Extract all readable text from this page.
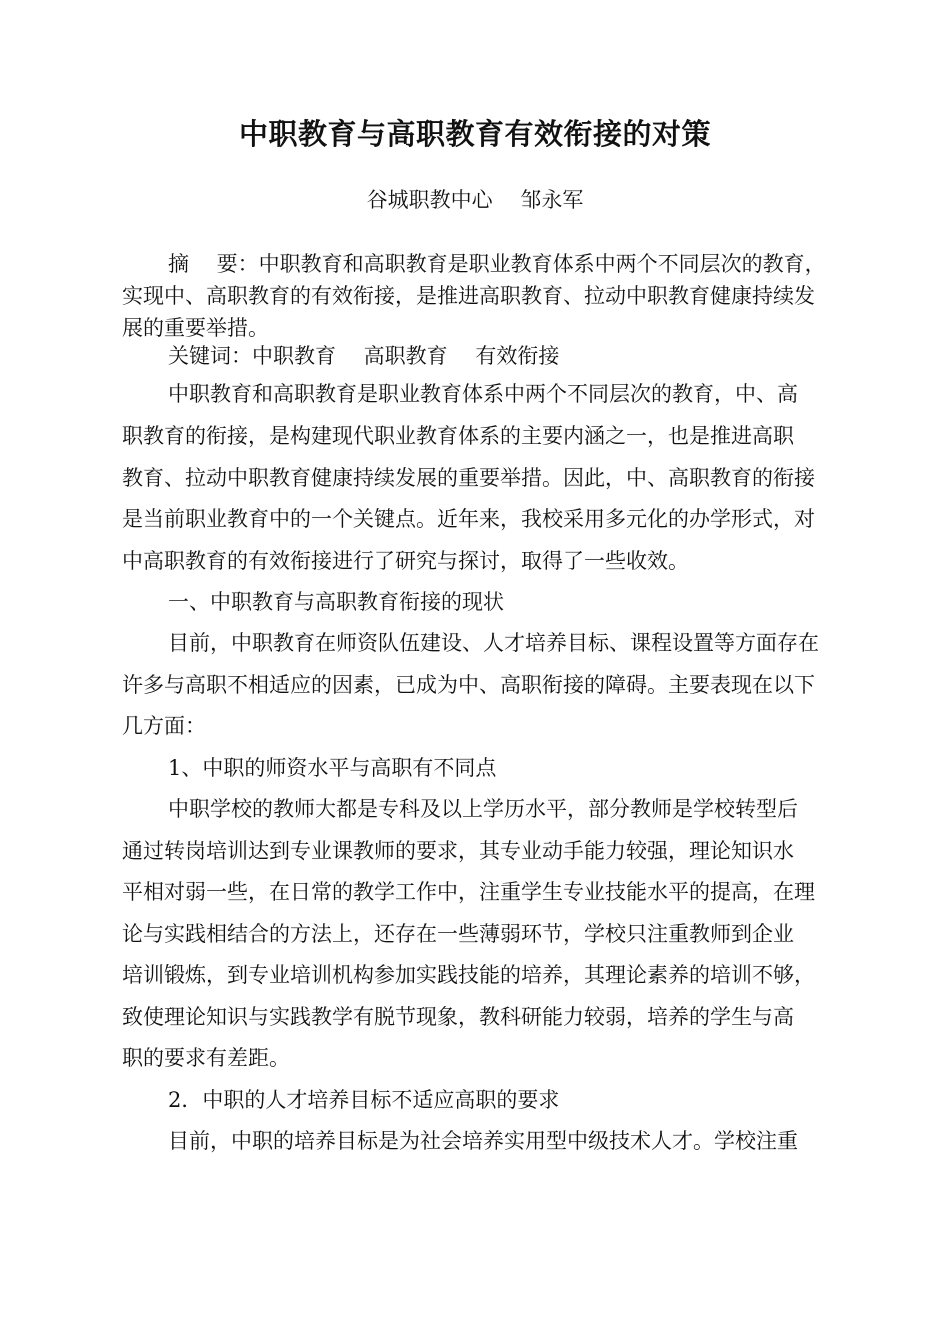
中职教育与高职教育有效衔接的对策
谷城职教中心　 邹永军
摘　 要：中职教育和高职教育是职业教育体系中两个不同层次的教育，
实现中、高职教育的有效衔接，是推进高职教育、拉动中职教育健康持续发
展的重要举措。
关键词：中职教育　 高职教育　 有效衔接
中职教育和高职教育是职业教育体系中两个不同层次的教育，中、高
职教育的衔接，是构建现代职业教育体系的主要内涵之一，也是推进高职
教育、拉动中职教育健康持续发展的重要举措。因此，中、高职教育的衔接
是当前职业教育中的一个关键点。近年来，我校采用多元化的办学形式，对
中高职教育的有效衔接进行了研究与探讨，取得了一些收效。
一、中职教育与高职教育衔接的现状
目前，中职教育在师资队伍建设、人才培养目标、课程设置等方面存在
许多与高职不相适应的因素，已成为中、高职衔接的障碍。主要表现在以下
几方面：
1、中职的师资水平与高职有不同点
中职学校的教师大都是专科及以上学历水平，部分教师是学校转型后
通过转岗培训达到专业课教师的要求，其专业动手能力较强，理论知识水
平相对弱一些，在日常的教学工作中，注重学生专业技能水平的提高，在理
论与实践相结合的方法上，还存在一些薄弱环节，学校只注重教师到企业
培训锻炼，到专业培训机构参加实践技能的培养，其理论素养的培训不够，
致使理论知识与实践教学有脱节现象，教科研能力较弱，培养的学生与高
职的要求有差距。
2．中职的人才培养目标不适应高职的要求
目前，中职的培养目标是为社会培养实用型中级技术人才。学校注重
